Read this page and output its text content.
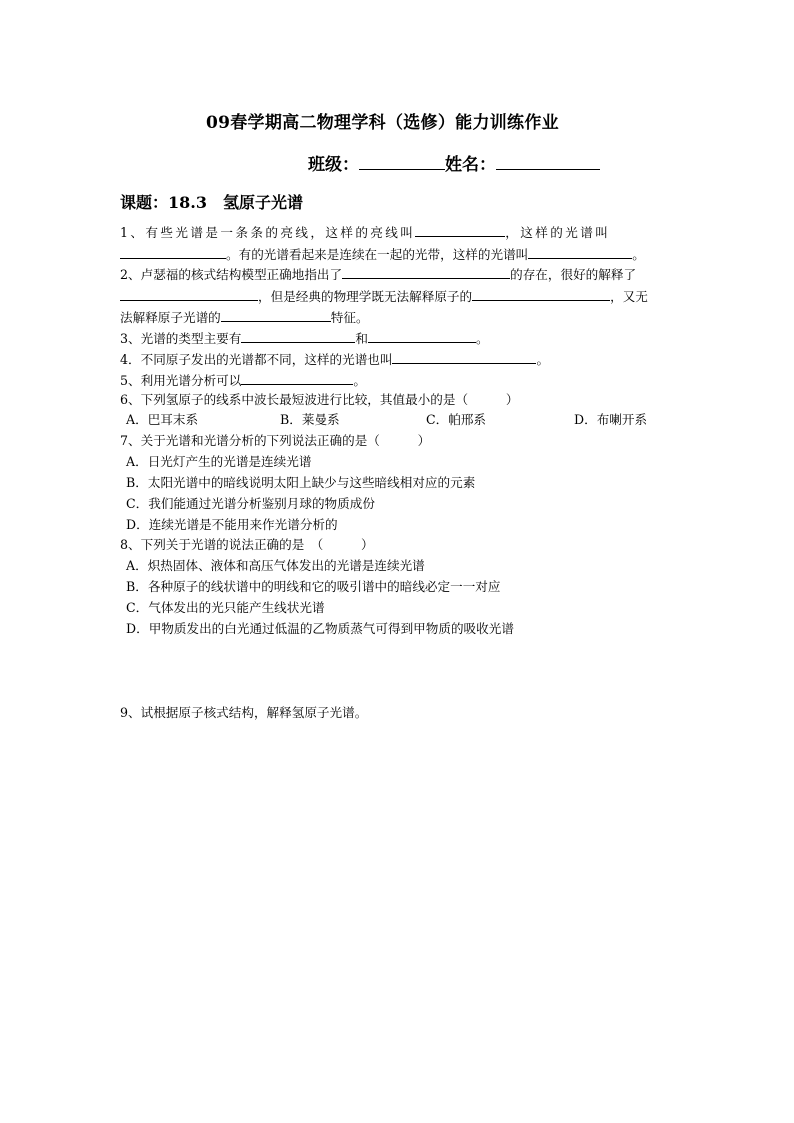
09春学期高二物理学科（选修）能力训练作业
班级：	姓名：
课题：18.3　氢原子光谱
1、有些光谱是一条条的亮线，这样的亮线叫	，这样的光谱叫
。有的光谱看起来是连续在一起的光带，这样的光谱叫	。
2、卢瑟福的核式结构模型正确地指出了	的存在，很好的解释了
，但是经典的物理学既无法解释原子的	，又无
法解释原子光谱的	特征。
3、光谱的类型主要有	和	。
4．不同原子发出的光谱都不同，这样的光谱也叫	。
5、利用光谱分析可以	。
6、下列氢原子的线系中波长最短波进行比较，其值最小的是（　　　）
A．巴耳末系	B．莱曼系	C．帕邢系	D．布喇开系
7、关于光谱和光谱分析的下列说法正确的是（　　　）
A．日光灯产生的光谱是连续光谱
B．太阳光谱中的暗线说明太阳上缺少与这些暗线相对应的元素
C．我们能通过光谱分析鉴别月球的物质成份
D．连续光谱是不能用来作光谱分析的
8、下列关于光谱的说法正确的是　（　　　）
A．炽热固体、液体和高压气体发出的光谱是连续光谱
B．各种原子的线状谱中的明线和它的吸引谱中的暗线必定一一对应
C．气体发出的光只能产生线状光谱
D．甲物质发出的白光通过低温的乙物质蒸气可得到甲物质的吸收光谱
9、试根据原子核式结构，解释氢原子光谱。
